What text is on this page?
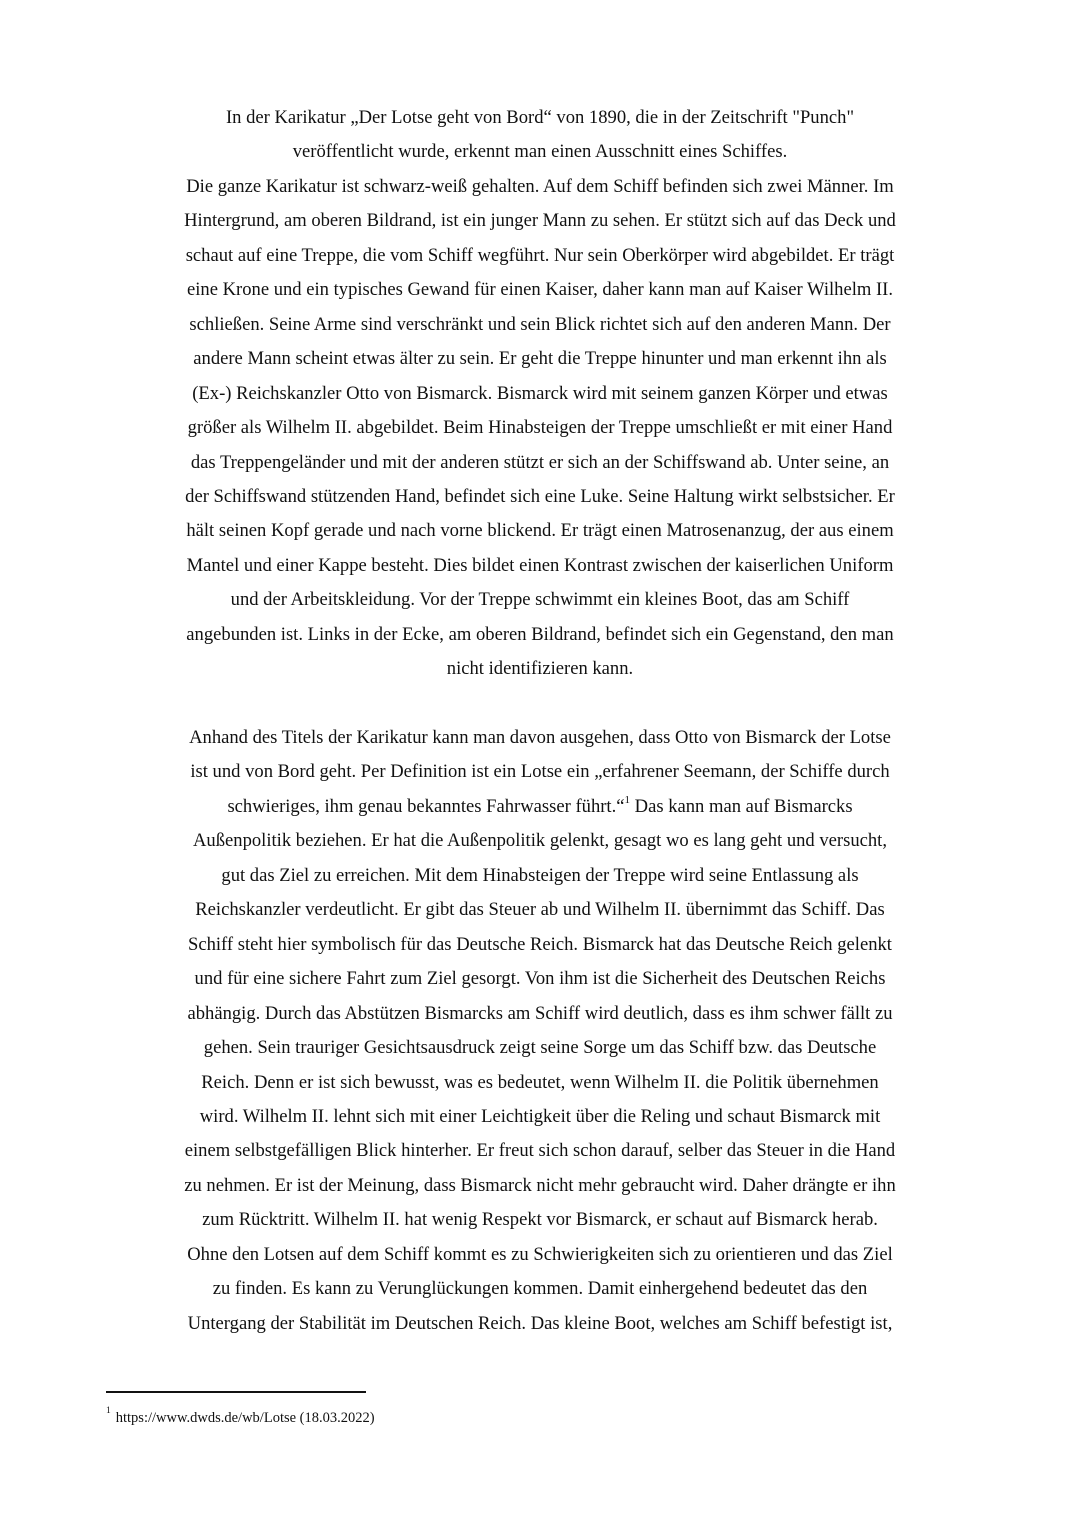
In der Karikatur „Der Lotse geht von Bord“ von 1890, die in der Zeitschrift "Punch"
veröffentlicht wurde, erkennt man einen Ausschnitt eines Schiffes.
Die ganze Karikatur ist schwarz-weiß gehalten. Auf dem Schiff befinden sich zwei Männer. Im
Hintergrund, am oberen Bildrand, ist ein junger Mann zu sehen. Er stützt sich auf das Deck und
schaut auf eine Treppe, die vom Schiff wegführt. Nur sein Oberkörper wird abgebildet. Er trägt
eine Krone und ein typisches Gewand für einen Kaiser, daher kann man auf Kaiser Wilhelm II.
schließen. Seine Arme sind verschränkt und sein Blick richtet sich auf den anderen Mann. Der
andere Mann scheint etwas älter zu sein. Er geht die Treppe hinunter und man erkennt ihn als
(Ex-) Reichskanzler Otto von Bismarck. Bismarck wird mit seinem ganzen Körper und etwas
größer als Wilhelm II. abgebildet. Beim Hinabsteigen der Treppe umschließt er mit einer Hand
das Treppengeländer und mit der anderen stützt er sich an der Schiffswand ab. Unter seine, an
der Schiffswand stützenden Hand, befindet sich eine Luke. Seine Haltung wirkt selbstsicher. Er
hält seinen Kopf gerade und nach vorne blickend. Er trägt einen Matrosenanzug, der aus einem
Mantel und einer Kappe besteht. Dies bildet einen Kontrast zwischen der kaiserlichen Uniform
und der Arbeitskleidung. Vor der Treppe schwimmt ein kleines Boot, das am Schiff
angebunden ist. Links in der Ecke, am oberen Bildrand, befindet sich ein Gegenstand, den man
nicht identifizieren kann.
Anhand des Titels der Karikatur kann man davon ausgehen, dass Otto von Bismarck der Lotse
ist und von Bord geht. Per Definition ist ein Lotse ein „erfahrener Seemann, der Schiffe durch
schwieriges, ihm genau bekanntes Fahrwasser führt.“$^1$ Das kann man auf Bismarcks
Außenpolitik beziehen. Er hat die Außenpolitik gelenkt, gesagt wo es lang geht und versucht,
gut das Ziel zu erreichen. Mit dem Hinabsteigen der Treppe wird seine Entlassung als
Reichskanzler verdeutlicht. Er gibt das Steuer ab und Wilhelm II. übernimmt das Schiff. Das
Schiff steht hier symbolisch für das Deutsche Reich. Bismarck hat das Deutsche Reich gelenkt
und für eine sichere Fahrt zum Ziel gesorgt. Von ihm ist die Sicherheit des Deutschen Reichs
abhängig. Durch das Abstützen Bismarcks am Schiff wird deutlich, dass es ihm schwer fällt zu
gehen. Sein trauriger Gesichtsausdruck zeigt seine Sorge um das Schiff bzw. das Deutsche
Reich. Denn er ist sich bewusst, was es bedeutet, wenn Wilhelm II. die Politik übernehmen
wird. Wilhelm II. lehnt sich mit einer Leichtigkeit über die Reling und schaut Bismarck mit
einem selbstgefälligen Blick hinterher. Er freut sich schon darauf, selber das Steuer in die Hand
zu nehmen. Er ist der Meinung, dass Bismarck nicht mehr gebraucht wird. Daher drängte er ihn
zum Rücktritt. Wilhelm II. hat wenig Respekt vor Bismarck, er schaut auf Bismarck herab.
Ohne den Lotsen auf dem Schiff kommt es zu Schwierigkeiten sich zu orientieren und das Ziel
zu finden. Es kann zu Verunglückungen kommen. Damit einhergehend bedeutet das den
Untergang der Stabilität im Deutschen Reich. Das kleine Boot, welches am Schiff befestigt ist,
$^1$ https://www.dwds.de/wb/Lotse (18.03.2022)
